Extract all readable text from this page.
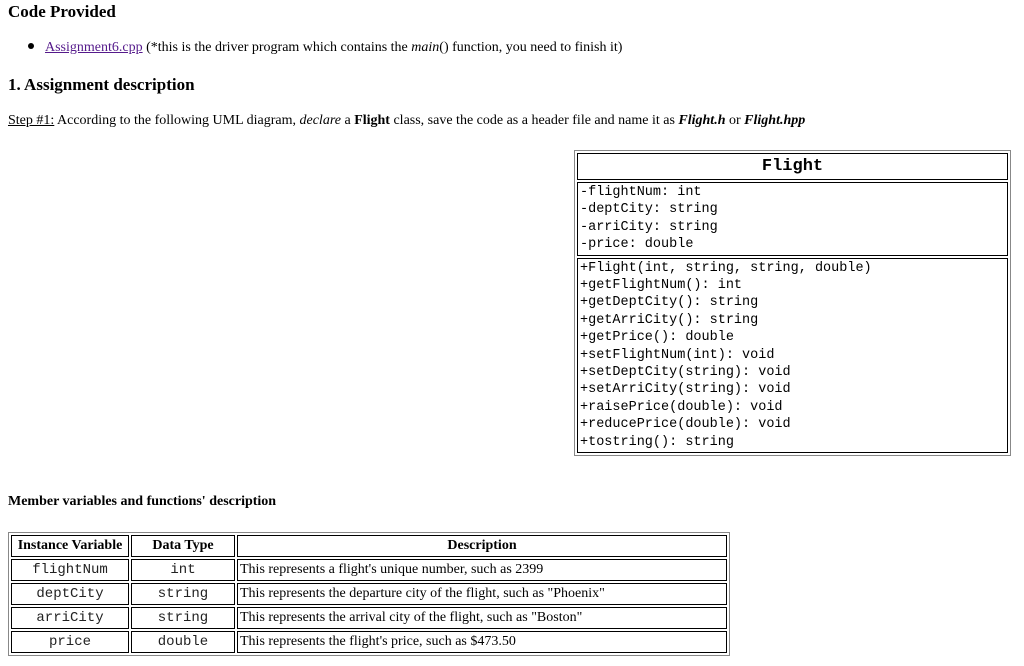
Code Provided
Assignment6.cpp (*this is the driver program which contains the main() function, you need to finish it)
1. Assignment description
Step #1: According to the following UML diagram, declare a Flight class, save the code as a header file and name it as Flight.h or Flight.hpp
Flight
-flightNum: int
-deptCity: string
-arriCity: string
-price: double
+Flight(int, string, string, double)
+getFlightNum(): int
+getDeptCity(): string
+getArriCity(): string
+getPrice(): double
+setFlightNum(int): void
+setDeptCity(string): void
+setArriCity(string): void
+raisePrice(double): void
+reducePrice(double): void
+tostring(): string
Member variables and functions' description
Instance Variable	Data Type	Description
flightNum	int	This represents a flight's unique number, such as 2399
deptCity	string	This represents the departure city of the flight, such as "Phoenix"
arriCity	string	This represents the arrival city of the flight, such as "Boston"
price	double	This represents the flight's price, such as $473.50
